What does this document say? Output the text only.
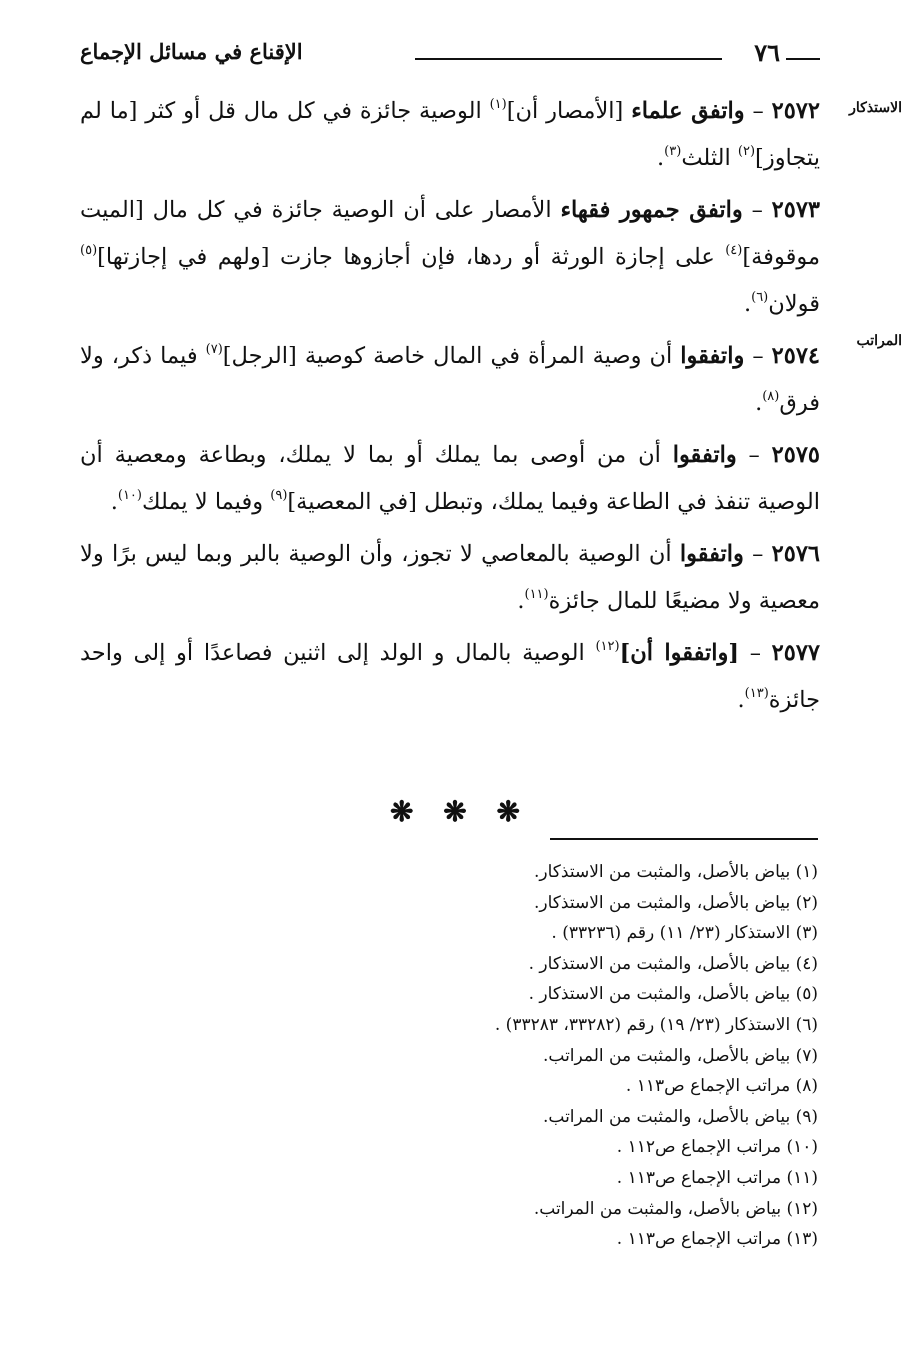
٧٦
الإقناع في مسائل الإجماع
الاستذكار
المراتب

٢٥٧٢ – واتفق علماء [الأمصار أن]$^{(١)}$ الوصية جائزة في كل مال قل أو كثر [ما لم يتجاوز]$^{(٢)}$ الثلث$^{(٣)}$.

٢٥٧٣ – واتفق جمهور فقهاء الأمصار على أن الوصية جائزة في كل مال [الميت موقوفة]$^{(٤)}$ على إجازة الورثة أو ردها، فإن أجازوها جازت [ولهم في إجازتها]$^{(٥)}$ قولان$^{(٦)}$.

٢٥٧٤ – واتفقوا أن وصية المرأة في المال خاصة كوصية [الرجل]$^{(٧)}$ فيما ذكر، ولا فرق$^{(٨)}$.

٢٥٧٥ – واتفقوا أن من أوصى بما يملك أو بما لا يملك، وبطاعة ومعصية أن الوصية تنفذ في الطاعة وفيما يملك، وتبطل [في المعصية]$^{(٩)}$ وفيما لا يملك$^{(١٠)}$.

٢٥٧٦ – واتفقوا أن الوصية بالمعاصي لا تجوز، وأن الوصية بالبر وبما ليس برًا ولا معصية ولا مضيعًا للمال جائزة$^{(١١)}$.

٢٥٧٧ – [واتفقوا أن]$^{(١٢)}$ الوصية بالمال و الولد إلى اثنين فصاعدًا أو إلى واحد جائزة$^{(١٣)}$.

❋ ❋ ❋
(١) بياض بالأصل، والمثبت من الاستذكار.
(٢) بياض بالأصل، والمثبت من الاستذكار.
(٣) الاستذكار (٢٣/ ١١) رقم (٣٣٢٣٦) .
(٤) بياض بالأصل، والمثبت من الاستذكار .
(٥) بياض بالأصل، والمثبت من الاستذكار .
(٦) الاستذكار (٢٣/ ١٩) رقم (٣٣٢٨٢، ٣٣٢٨٣) .
(٧) بياض بالأصل، والمثبت من المراتب.
(٨) مراتب الإجماع ص١١٣ .
(٩) بياض بالأصل، والمثبت من المراتب.
(١٠) مراتب الإجماع ص١١٢ .
(١١) مراتب الإجماع ص١١٣ .
(١٢) بياض بالأصل، والمثبت من المراتب.
(١٣) مراتب الإجماع ص١١٣ .
